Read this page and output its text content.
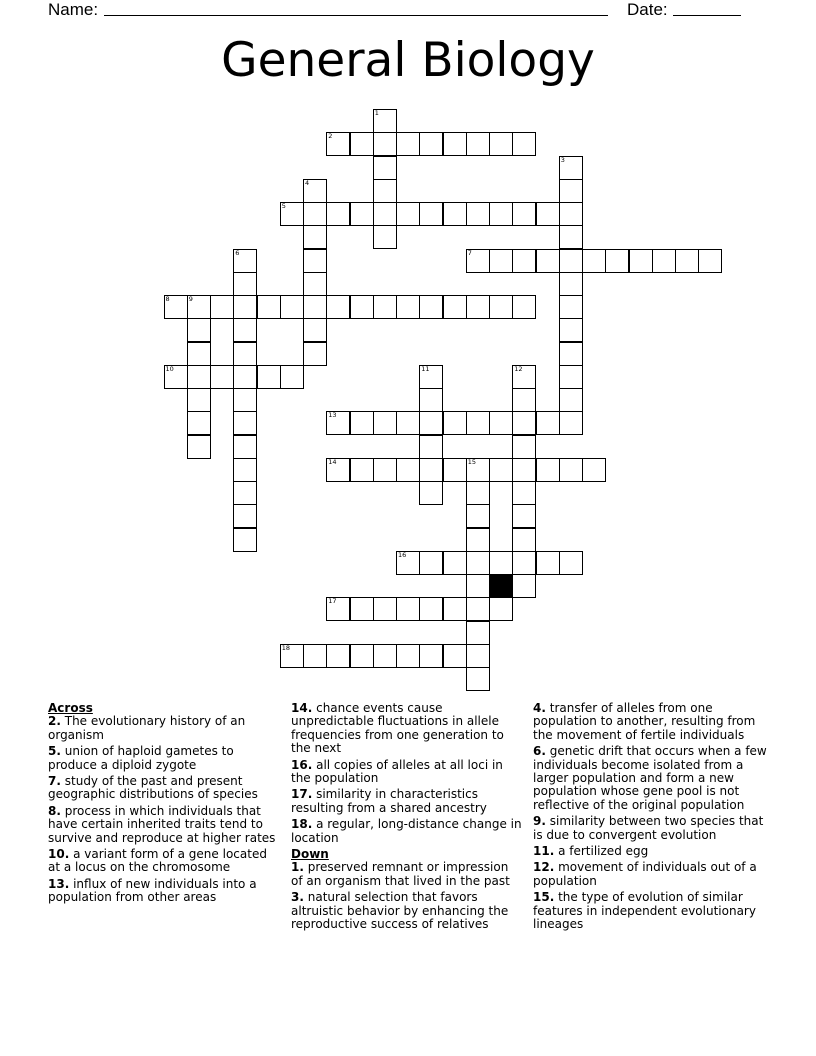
Name:	Date:
General Biology
1
2
3
4
5
6	7
8	9
10	11	12
13
14	15
16
17
18
Across
2. The evolutionary history of an organism
5. union of haploid gametes to produce a diploid zygote
7. study of the past and present geographic distributions of species
8. process in which individuals that have certain inherited traits tend to survive and reproduce at higher rates
10. a variant form of a gene located at a locus on the chromosome
13. influx of new individuals into a population from other areas
14. chance events cause unpredictable fluctuations in allele frequencies from one generation to the next
16. all copies of alleles at all loci in the population
17. similarity in characteristics resulting from a shared ancestry
18. a regular, long-distance change in location
Down
1. preserved remnant or impression of an organism that lived in the past
3. natural selection that favors altruistic behavior by enhancing the reproductive success of relatives
4. transfer of alleles from one population to another, resulting from the movement of fertile individuals
6. genetic drift that occurs when a few individuals become isolated from a larger population and form a new population whose gene pool is not reflective of the original population
9. similarity between two species that is due to convergent evolution
11. a fertilized egg
12. movement of individuals out of a population
15. the type of evolution of similar features in independent evolutionary lineages
